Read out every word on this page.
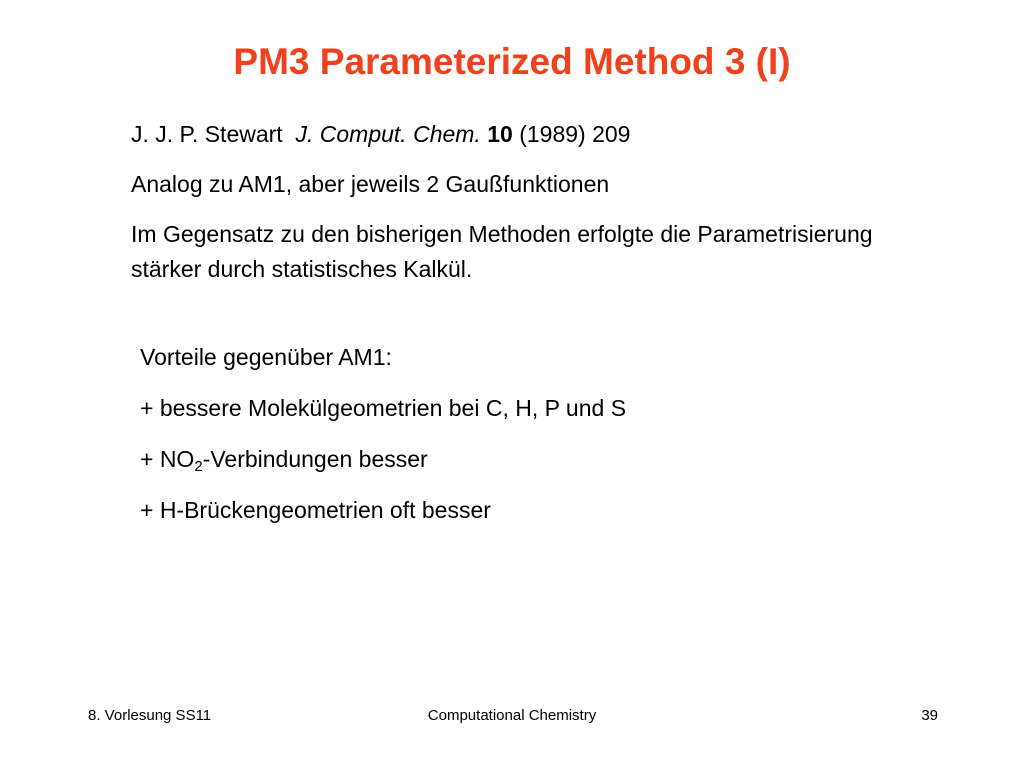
PM3 Parameterized Method 3 (I)

J. J. P. Stewart J. Comput. Chem. 10 (1989) 209

Analog zu AM1, aber jeweils 2 Gaußfunktionen

Im Gegensatz zu den bisherigen Methoden erfolgte die Parametrisierung stärker durch statistisches Kalkül.

Vorteile gegenüber AM1:

+ bessere Molekülgeometrien bei C, H, P und S

+ $NO_2$-Verbindungen besser

+ H-Brückengeometrien oft besser

8. Vorlesung SS11	Computational Chemistry	39
